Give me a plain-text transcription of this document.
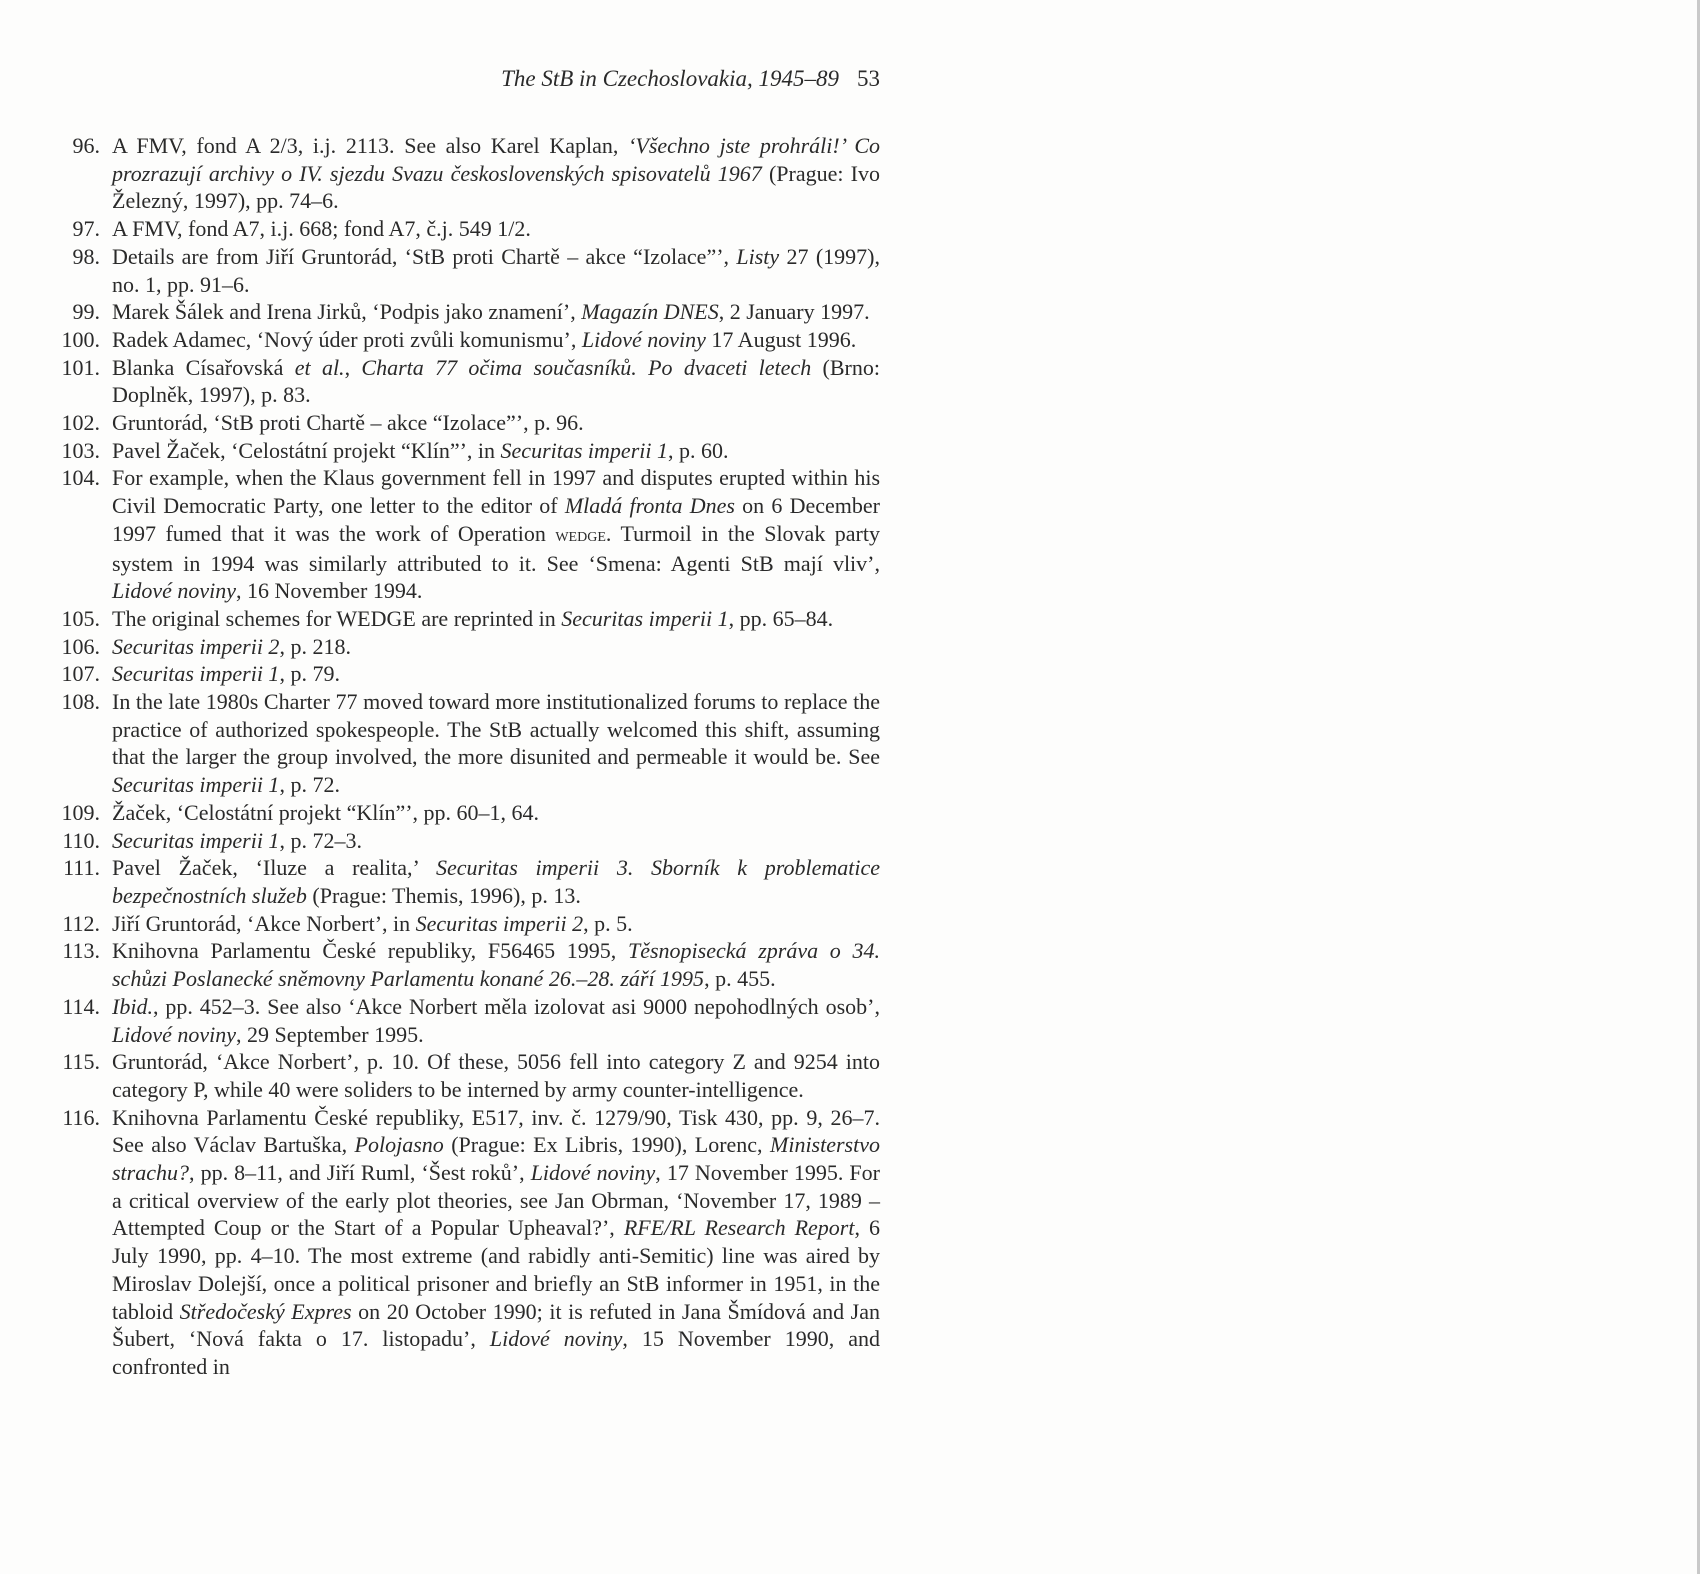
The StB in Czechoslovakia, 1945–89 53
96. A FMV, fond A 2/3, i.j. 2113. See also Karel Kaplan, ‘Všechno jste prohráli!’ Co prozrazují archivy o IV. sjezdu Svazu československých spisovatelů 1967 (Prague: Ivo Železný, 1997), pp. 74–6.
97. A FMV, fond A7, i.j. 668; fond A7, č.j. 549 1/2.
98. Details are from Jiří Gruntorád, ‘StB proti Chartě – akce “Izolace”’, Listy 27 (1997), no. 1, pp. 91–6.
99. Marek Šálek and Irena Jirků, ‘Podpis jako znamení’, Magazín DNES, 2 January 1997.
100. Radek Adamec, ‘Nový úder proti zvůli komunismu’, Lidové noviny 17 August 1996.
101. Blanka Císařovská et al., Charta 77 očima současníků. Po dvaceti letech (Brno: Doplněk, 1997), p. 83.
102. Gruntorád, ‘StB proti Chartě – akce “Izolace”’, p. 96.
103. Pavel Žaček, ‘Celostátní projekt “Klín”’, in Securitas imperii 1, p. 60.
104. For example, when the Klaus government fell in 1997 and disputes erupted within his Civil Democratic Party, one letter to the editor of Mladá fronta Dnes on 6 December 1997 fumed that it was the work of Operation wedge. Turmoil in the Slovak party system in 1994 was similarly attributed to it. See ‘Smena: Agenti StB mají vliv’, Lidové noviny, 16 November 1994.
105. The original schemes for WEDGE are reprinted in Securitas imperii 1, pp. 65–84.
106. Securitas imperii 2, p. 218.
107. Securitas imperii 1, p. 79.
108. In the late 1980s Charter 77 moved toward more institutionalized forums to replace the practice of authorized spokespeople. The StB actually welcomed this shift, assuming that the larger the group involved, the more disunited and permeable it would be. See Securitas imperii 1, p. 72.
109. Žaček, ‘Celostátní projekt “Klín”’, pp. 60–1, 64.
110. Securitas imperii 1, p. 72–3.
111. Pavel Žaček, ‘Iluze a realita,’ Securitas imperii 3. Sborník k problematice bezpečnostních služeb (Prague: Themis, 1996), p. 13.
112. Jiří Gruntorád, ‘Akce Norbert’, in Securitas imperii 2, p. 5.
113. Knihovna Parlamentu České republiky, F56465 1995, Těsnopisecká zpráva o 34. schůzi Poslanecké sněmovny Parlamentu konané 26.–28. září 1995, p. 455.
114. Ibid., pp. 452–3. See also ‘Akce Norbert měla izolovat asi 9000 nepohodlných osob’, Lidové noviny, 29 September 1995.
115. Gruntorád, ‘Akce Norbert’, p. 10. Of these, 5056 fell into category Z and 9254 into category P, while 40 were soliders to be interned by army counter-intelligence.
116. Knihovna Parlamentu České republiky, E517, inv. č. 1279/90, Tisk 430, pp. 9, 26–7. See also Václav Bartuška, Polojasno (Prague: Ex Libris, 1990), Lorenc, Ministerstvo strachu?, pp. 8–11, and Jiří Ruml, ‘Šest roků’, Lidové noviny, 17 November 1995. For a critical overview of the early plot theories, see Jan Obrman, ‘November 17, 1989 – Attempted Coup or the Start of a Popular Upheaval?’, RFE/RL Research Report, 6 July 1990, pp. 4–10. The most extreme (and rabidly anti-Semitic) line was aired by Miroslav Dolejší, once a political prisoner and briefly an StB informer in 1951, in the tabloid Středočeský Expres on 20 October 1990; it is refuted in Jana Šmídová and Jan Šubert, ‘Nová fakta o 17. listopadu’, Lidové noviny, 15 November 1990, and confronted in
